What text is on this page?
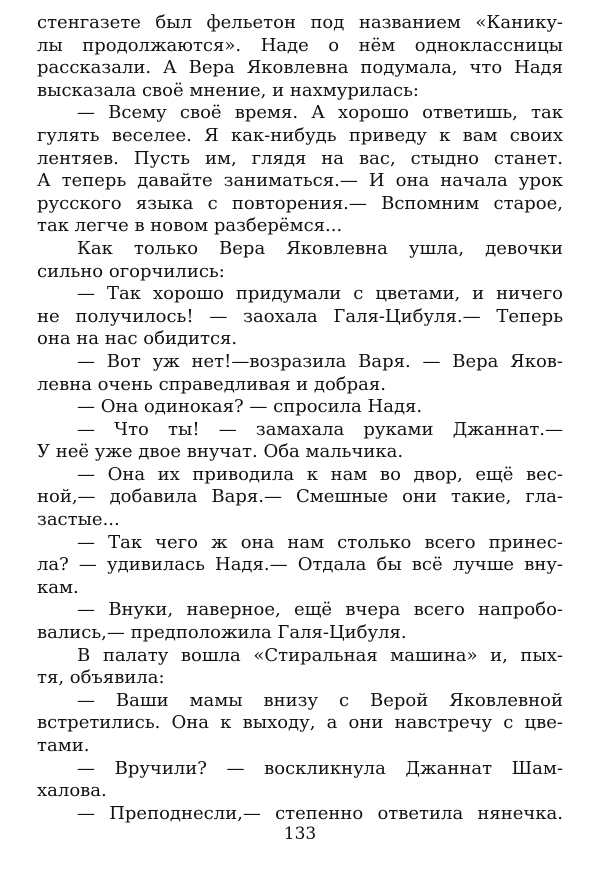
стенгазете был фельетон под названием «Канику-
лы продолжаются». Наде о нём одноклассницы
рассказали. А Вера Яковлевна подумала, что Надя
высказала своё мнение, и нахмурилась:
— Всему своё время. А хорошо ответишь, так
гулять веселее. Я как-нибудь приведу к вам своих
лентяев. Пусть им, глядя на вас, стыдно станет.
А теперь давайте заниматься.— И она начала урок
русского языка с повторения.— Вспомним старое,
так легче в новом разберёмся...
Как только Вера Яковлевна ушла, девочки
сильно огорчились:
— Так хорошо придумали с цветами, и ничего
не получилось! — заохала Галя-Цибуля.— Теперь
она на нас обидится.
— Вот уж нет!—возразила Варя. — Вера Яков-
левна очень справедливая и добрая.
— Она одинокая? — спросила Надя.
— Что ты! — замахала руками Джаннат.—
У неё уже двое внучат. Оба мальчика.
— Она их приводила к нам во двор, ещё вес-
ной,— добавила Варя.— Смешные они такие, гла-
застые...
— Так чего ж она нам столько всего принес-
ла? — удивилась Надя.— Отдала бы всё лучше вну-
кам.
— Внуки, наверное, ещё вчера всего напробо-
вались,— предположила Галя-Цибуля.
В палату вошла «Стиральная машина» и, пых-
тя, объявила:
— Ваши мамы внизу с Верой Яковлевной
встретились. Она к выходу, а они навстречу с цве-
тами.
— Вручили? — воскликнула Джаннат Шам-
халова.
— Преподнесли,— степенно ответила нянечка.
133
